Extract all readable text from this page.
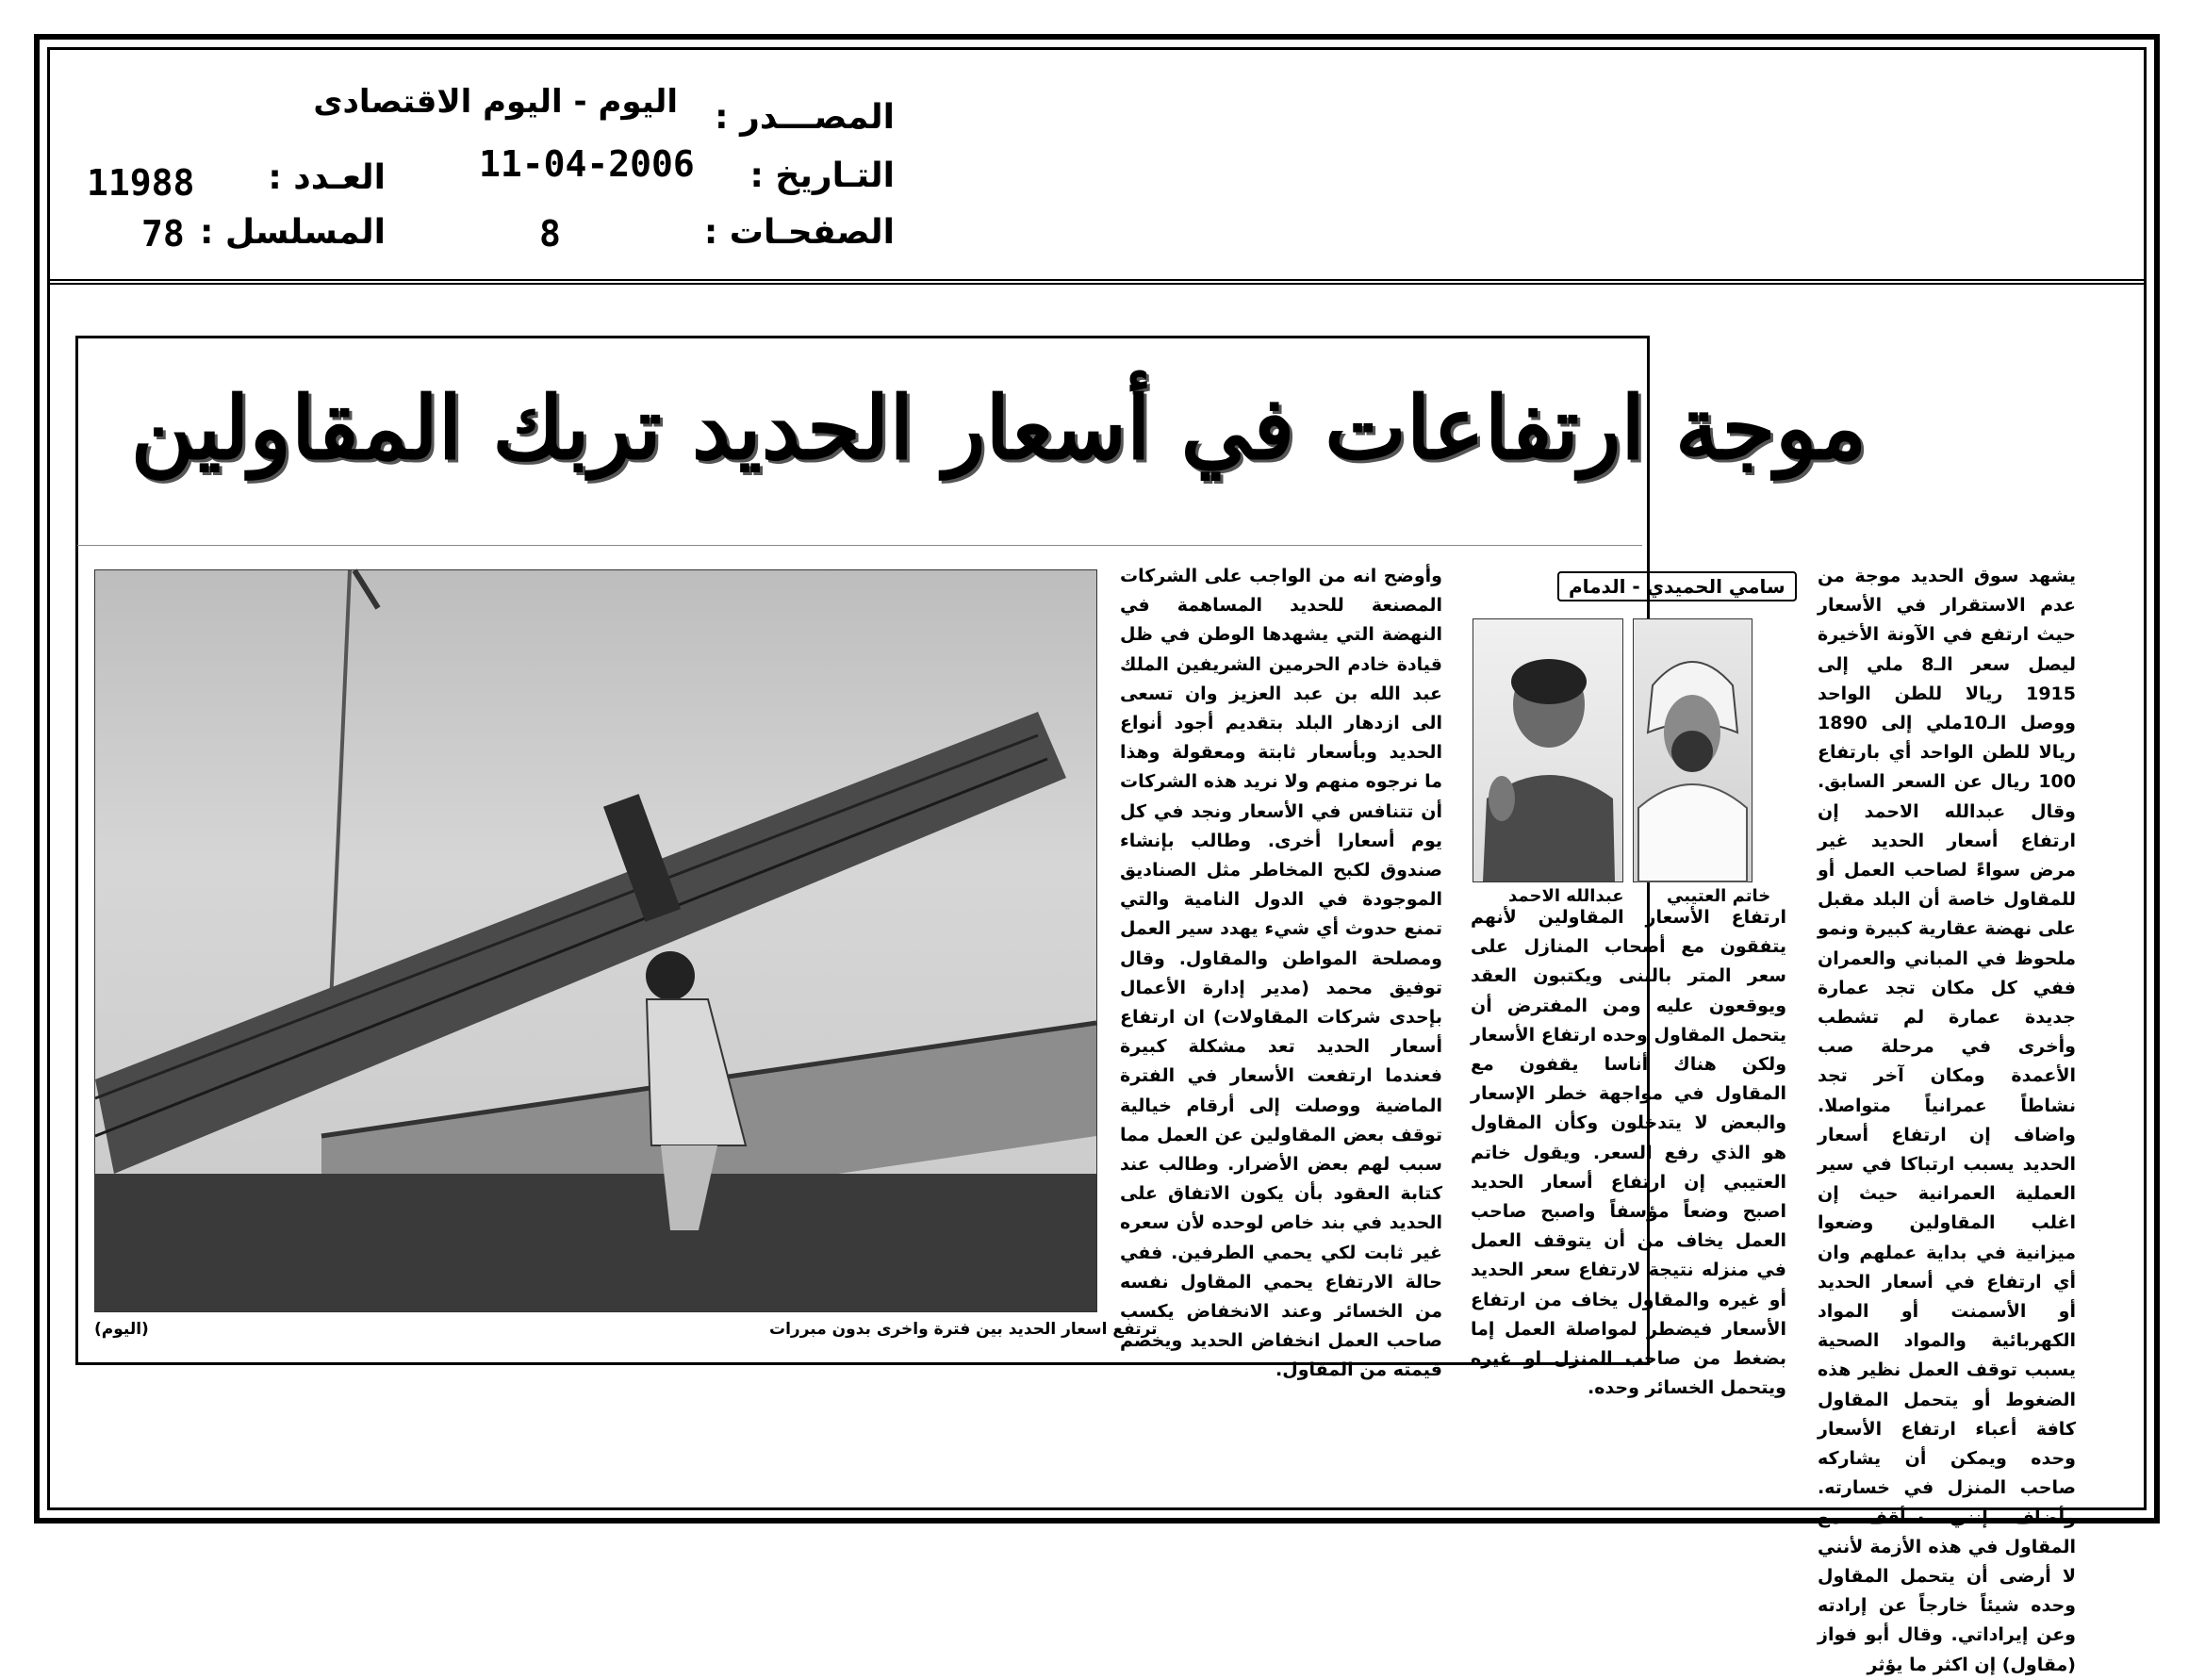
المصـــدر :
اليوم - اليوم الاقتصادى
التـاريخ :
11-04-2006
العـدد :
11988
الصفحـات :
8
المسلسل :
78
موجة ارتفاعات في أسعار الحديد تربك المقاولين

يشهد سوق الحديد موجة من عدم الاستقرار في الأسعار حيث ارتفع في الآونة الأخيرة ليصل سعر الـ8 ملي إلى 1915 ريالا للطن الواحد ووصل الـ10ملي إلى 1890 ريالا للطن الواحد أي بارتفاع 100 ريال عن السعر السابق. وقال عبدالله الاحمد إن ارتفاع أسعار الحديد غير مرض سواءً لصاحب العمل أو للمقاول خاصة أن البلد مقبل على نهضة عقارية كبيرة ونمو ملحوظ في المباني والعمران ففي كل مكان تجد عمارة جديدة عمارة لم تشطب وأخرى في مرحلة صب الأعمدة ومكان آخر تجد نشاطاً عمرانياً متواصلا. واضاف إن ارتفاع أسعار الحديد يسبب ارتباكا في سير العملية العمرانية حيث إن اغلب المقاولين وضعوا ميزانية في بداية عملهم وان أي ارتفاع في أسعار الحديد أو الأسمنت أو المواد الكهربائية والمواد الصحية يسبب توقف العمل نظير هذه الضغوط أو يتحمل المقاول كافة أعباء ارتفاع الأسعار وحده ويمكن أن يشاركه صاحب المنزل في خسارته. وأضاف إنني سأقف مع المقاول في هذه الأزمة لأنني لا أرضى أن يتحمل المقاول وحده شيئاً خارجاً عن إرادته وعن إيراداتي. وقال أبو فواز (مقاول) إن اكثر ما يؤثر

ارتفاع الأسعار المقاولين لأنهم يتفقون مع أصحاب المنازل على سعر المتر بالبنى ويكتبون العقد ويوقعون عليه ومن المفترض أن يتحمل المقاول وحده ارتفاع الأسعار ولكن هناك أناسا يقفون مع المقاول في مواجهة خطر الإسعار والبعض لا يتدخلون وكأن المقاول هو الذي رفع السعر. ويقول خاتم العتيبي إن ارتفاع أسعار الحديد اصبح وضعاً مؤسفاً واصبح صاحب العمل يخاف من أن يتوقف العمل في منزله نتيجة لارتفاع سعر الحديد أو غيره والمقاول يخاف من ارتفاع الأسعار فيضطر لمواصلة العمل إما بضغط من صاحب المنزل او غيره ويتحمل الخسائر وحده.

وأوضح انه من الواجب على الشركات المصنعة للحديد المساهمة في النهضة التي يشهدها الوطن في ظل قيادة خادم الحرمين الشريفين الملك عبد الله بن عبد العزيز وان تسعى الى ازدهار البلد بتقديم أجود أنواع الحديد وبأسعار ثابتة ومعقولة وهذا ما نرجوه منهم ولا نريد هذه الشركات أن تتنافس في الأسعار ونجد في كل يوم أسعارا أخرى. وطالب بإنشاء صندوق لكبح المخاطر مثل الصناديق الموجودة في الدول النامية والتي تمنع حدوث أي شيء يهدد سير العمل ومصلحة المواطن والمقاول. وقال توفيق محمد (مدير إدارة الأعمال بإحدى شركات المقاولات) ان ارتفاع أسعار الحديد تعد مشكلة كبيرة فعندما ارتفعت الأسعار في الفترة الماضية ووصلت إلى أرقام خيالية توقف بعض المقاولين عن العمل مما سبب لهم بعض الأضرار. وطالب عند كتابة العقود بأن يكون الاتفاق على الحديد في بند خاص لوحده لأن سعره غير ثابت لكي يحمي الطرفين. ففي حالة الارتفاع يحمي المقاول نفسه من الخسائر وعند الانخفاض يكسب صاحب العمل انخفاض الحديد ويخصم قيمته من المقاول.

سامي الحميدي - الدمام
خاتم العتيبي
عبدالله الاحمد
ترتفع اسعار الحديد بين فترة واخرى بدون مبررات
(اليوم)
